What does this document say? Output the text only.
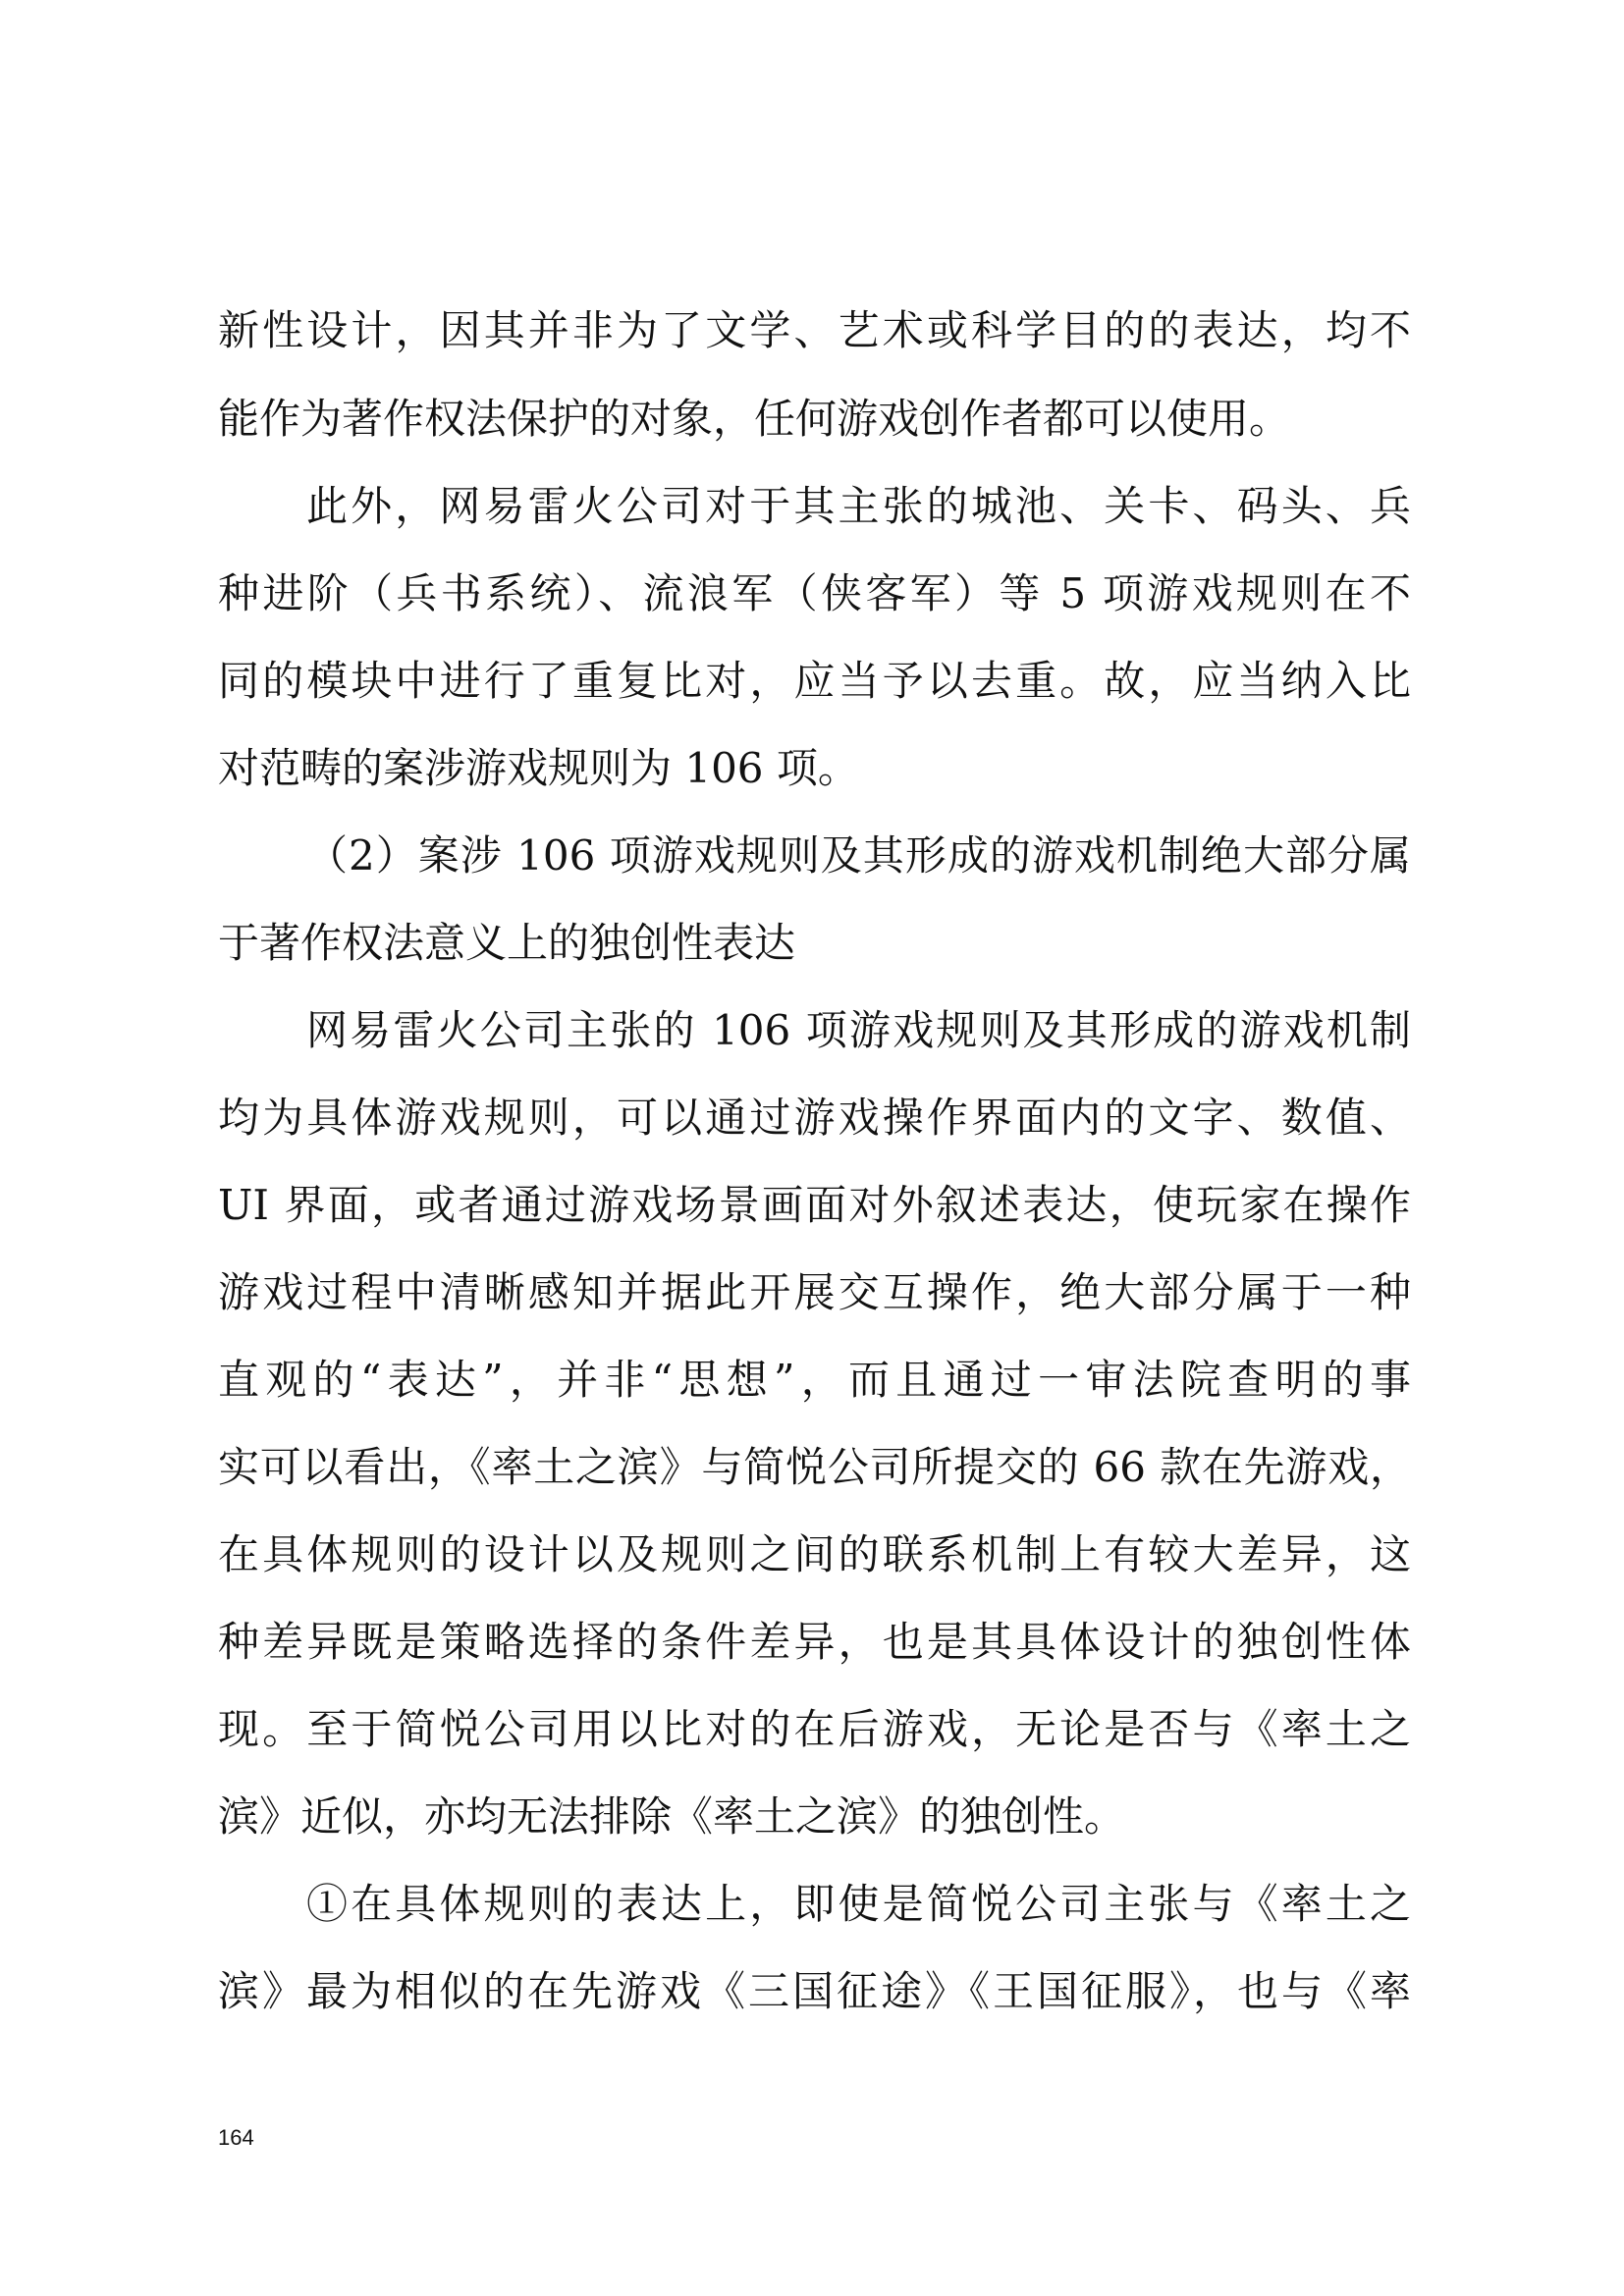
新性设计，因其并非为了文学、艺术或科学目的的表达，均不
能作为著作权法保护的对象，任何游戏创作者都可以使用。
此外，网易雷火公司对于其主张的城池、关卡、码头、兵
种进阶（兵书系统）、流浪军（侠客军）等 5 项游戏规则在不
同的模块中进行了重复比对，应当予以去重。故，应当纳入比
对范畴的案涉游戏规则为 106 项。
（2）案涉 106 项游戏规则及其形成的游戏机制绝大部分属
于著作权法意义上的独创性表达
网易雷火公司主张的 106 项游戏规则及其形成的游戏机制
均为具体游戏规则，可以通过游戏操作界面内的文字、数值、
UI 界面，或者通过游戏场景画面对外叙述表达，使玩家在操作
游戏过程中清晰感知并据此开展交互操作，绝大部分属于一种
直观的“表达”，并非“思想”，而且通过一审法院查明的事
实可以看出，《率土之滨》与简悦公司所提交的 66 款在先游戏，
在具体规则的设计以及规则之间的联系机制上有较大差异，这
种差异既是策略选择的条件差异，也是其具体设计的独创性体
现。至于简悦公司用以比对的在后游戏，无论是否与《率土之
滨》近似，亦均无法排除《率土之滨》的独创性。
①在具体规则的表达上，即使是简悦公司主张与《率土之
滨》最为相似的在先游戏《三国征途》《王国征服》，也与《率
164
